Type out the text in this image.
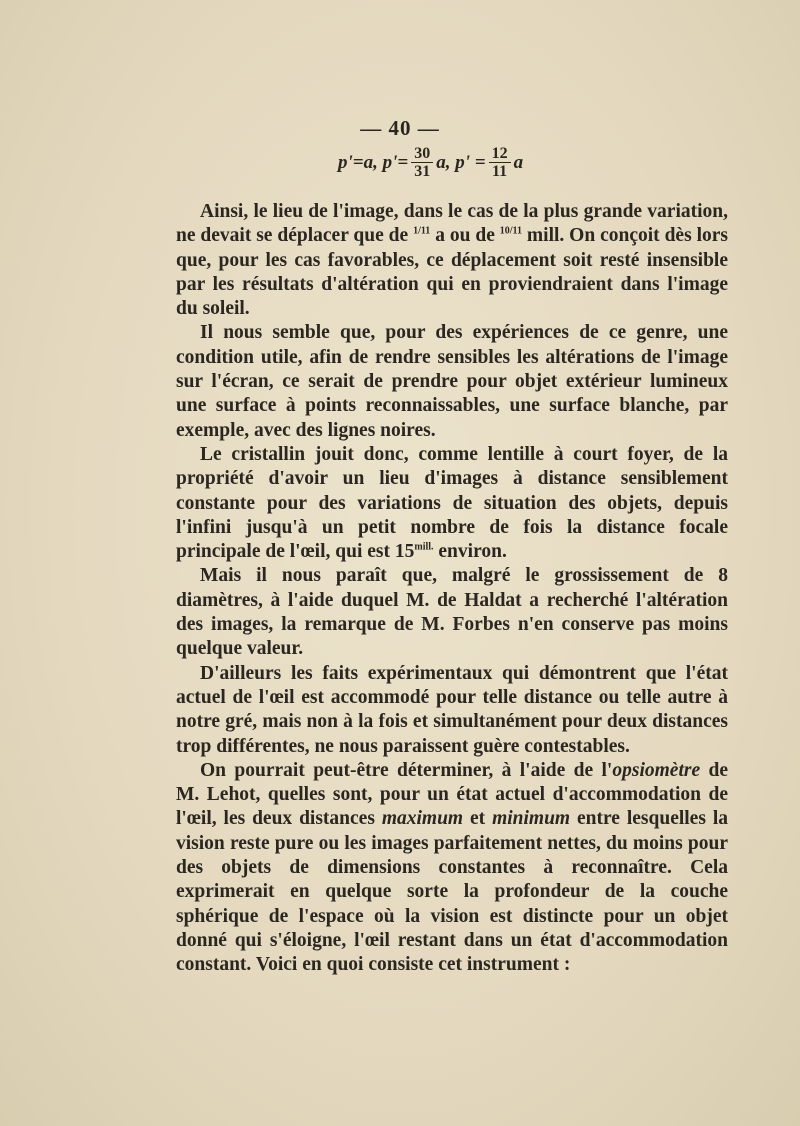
— 40 —
p'=a, $p'= \frac{30}{31} a$, $p' = \frac{12}{11}$ a

Ainsi, le lieu de l'image, dans le cas de la plus grande variation, ne devait se déplacer que de $^{1/11}$ a ou de $^{10/11}$ mill. On conçoit dès lors que, pour les cas favorables, ce déplacement soit resté insensible par les résultats d'altération qui en proviendraient dans l'image du soleil.

Il nous semble que, pour des expériences de ce genre, une condition utile, afin de rendre sensibles les altérations de l'image sur l'écran, ce serait de prendre pour objet extérieur lumineux une surface à points reconnaissables, une surface blanche, par exemple, avec des lignes noires.

Le cristallin jouit donc, comme lentille à court foyer, de la propriété d'avoir un lieu d'images à distance sensiblement constante pour des variations de situation des objets, depuis l'infini jusqu'à un petit nombre de fois la distance focale principale de l'œil, qui est $15^{mill.}$ environ.

Mais il nous paraît que, malgré le grossissement de 8 diamètres, à l'aide duquel M. de Haldat a recherché l'altération des images, la remarque de M. Forbes n'en conserve pas moins quelque valeur.

D'ailleurs les faits expérimentaux qui démontrent que l'état actuel de l'œil est accommodé pour telle distance ou telle autre à notre gré, mais non à la fois et simultanément pour deux distances trop différentes, ne nous paraissent guère contestables.

On pourrait peut-être déterminer, à l'aide de l'opsiomètre de M. Lehot, quelles sont, pour un état actuel d'accommodation de l'œil, les deux distances maximum et minimum entre lesquelles la vision reste pure ou les images parfaitement nettes, du moins pour des objets de dimensions constantes à reconnaître. Cela exprimerait en quelque sorte la profondeur de la couche sphérique de l'espace où la vision est distincte pour un objet donné qui s'éloigne, l'œil restant dans un état d'accommodation constant. Voici en quoi consiste cet instrument :
